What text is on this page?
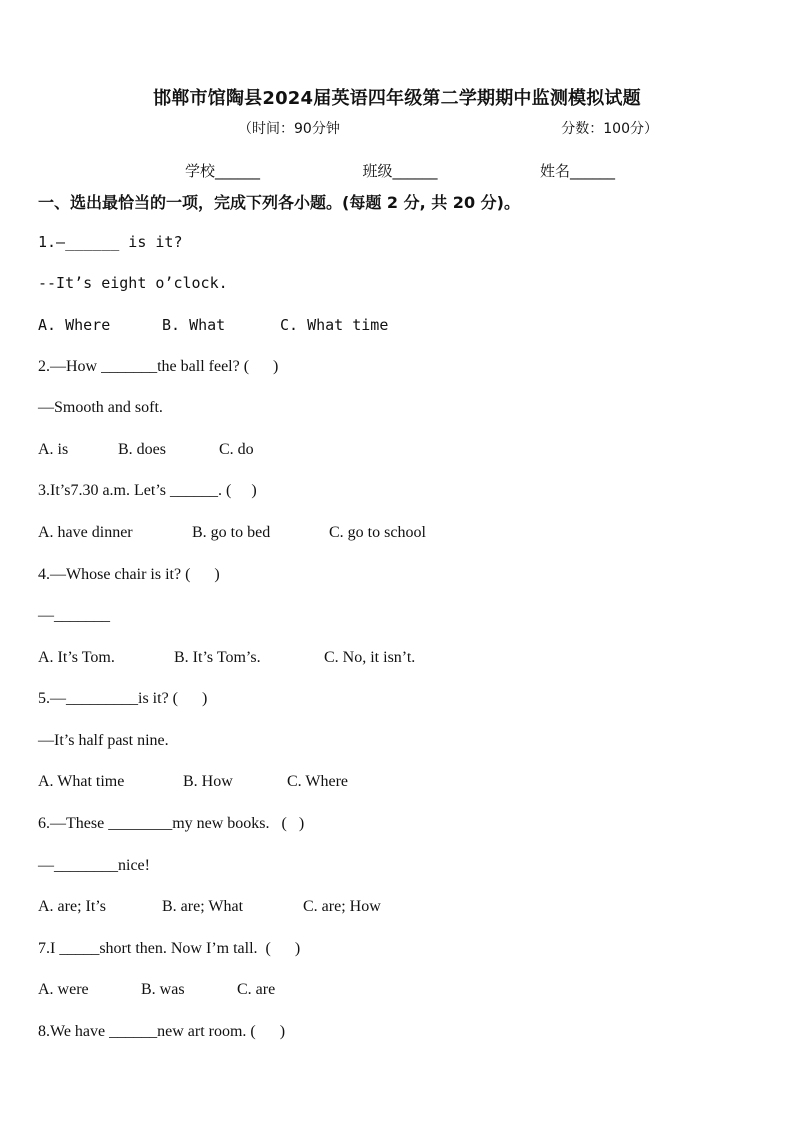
邯郸市馆陶县2024届英语四年级第二学期期中监测模拟试题
（时间：90分钟	分数：100分）
学校______	班级______	姓名______
一、选出最恰当的一项，完成下列各小题。(每题 2 分, 共 20 分)。
1.—______ is it?
--It’s eight o’clock.
A. Where	B. What	C. What time
2.—How _______the ball feel? (      )
—Smooth and soft.
A. is	B. does	C. do
3.It’s7.30 a.m. Let’s ______. (     )
A. have dinner	B. go to bed	C. go to school
4.—Whose chair is it? (      )
—_______
A. It’s Tom.	B. It’s Tom’s.	C. No, it isn’t.
5.—_________is it? (      )
—It’s half past nine.
A. What time	B. How	C. Where
6.—These ________my new books.   (   )
—________nice!
A. are; It’s	B. are; What	C. are; How
7.I _____short then. Now I’m tall.  (      )
A. were	B. was	C. are
8.We have ______new art room. (      )
